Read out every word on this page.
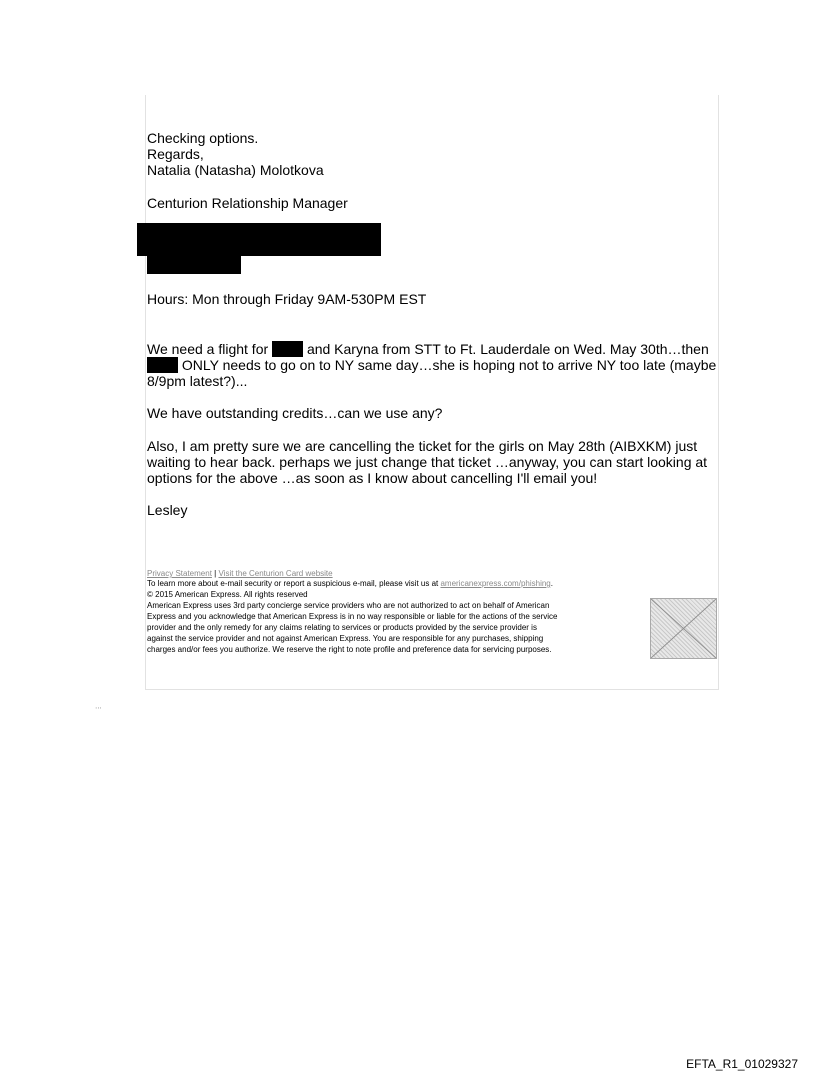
Checking options.

Regards,

Natalia (Natasha) Molotkova

Centurion Relationship Manager

Hours: Mon through Friday 9AM-530PM EST

We need a flight for	and Karyna from STT to Ft. Lauderdale on Wed. May 30th…then

ONLY needs to go on to NY same day…she is hoping not to arrive NY too late (maybe

8/9pm latest?)...

We have outstanding credits…can we use any?

Also, I am pretty sure we are cancelling the ticket for the girls on May 28th (AIBXKM) just

waiting to hear back. perhaps we just change that ticket …anyway, you can start looking at

options for the above …as soon as I know about cancelling I'll email you!

Lesley

Privacy Statement | Visit the Centurion Card website
To learn more about e-mail security or report a suspicious e-mail, please visit us at americanexpress.com/phishing.
© 2015 American Express. All rights reserved
American Express uses 3rd party concierge service providers who are not authorized to act on behalf of American
Express and you acknowledge that American Express is in no way responsible or liable for the actions of the service
provider and the only remedy for any claims relating to services or products provided by the service provider is
against the service provider and not against American Express. You are responsible for any purchases, shipping
charges and/or fees you authorize. We reserve the right to note profile and preference data for servicing purposes.
⋯
EFTA_R1_01029327
